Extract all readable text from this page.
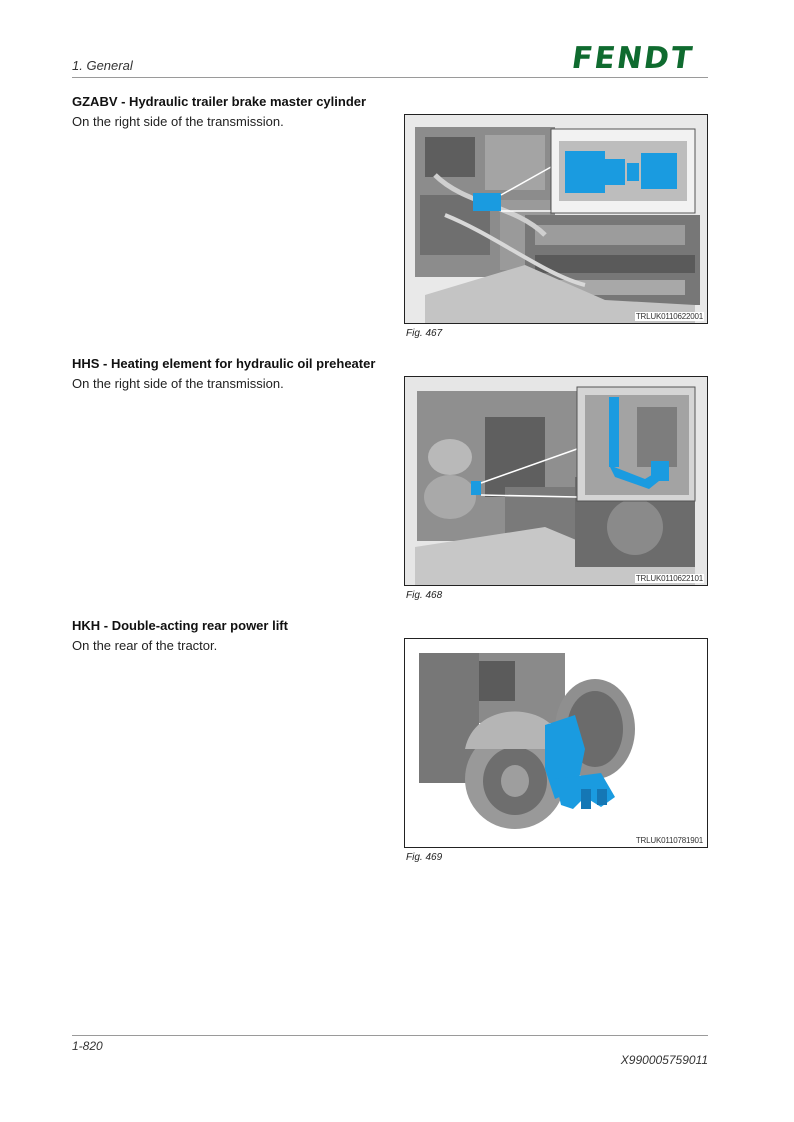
1. General	FENDT
GZABV - Hydraulic trailer brake master cylinder
On the right side of the transmission.
TRLUK0110622001
Fig. 467
HHS - Heating element for hydraulic oil preheater
On the right side of the transmission.
TRLUK0110622101
Fig. 468
HKH - Double-acting rear power lift
On the rear of the tractor.
TRLUK0110781901
Fig. 469
1-820
X990005759011
